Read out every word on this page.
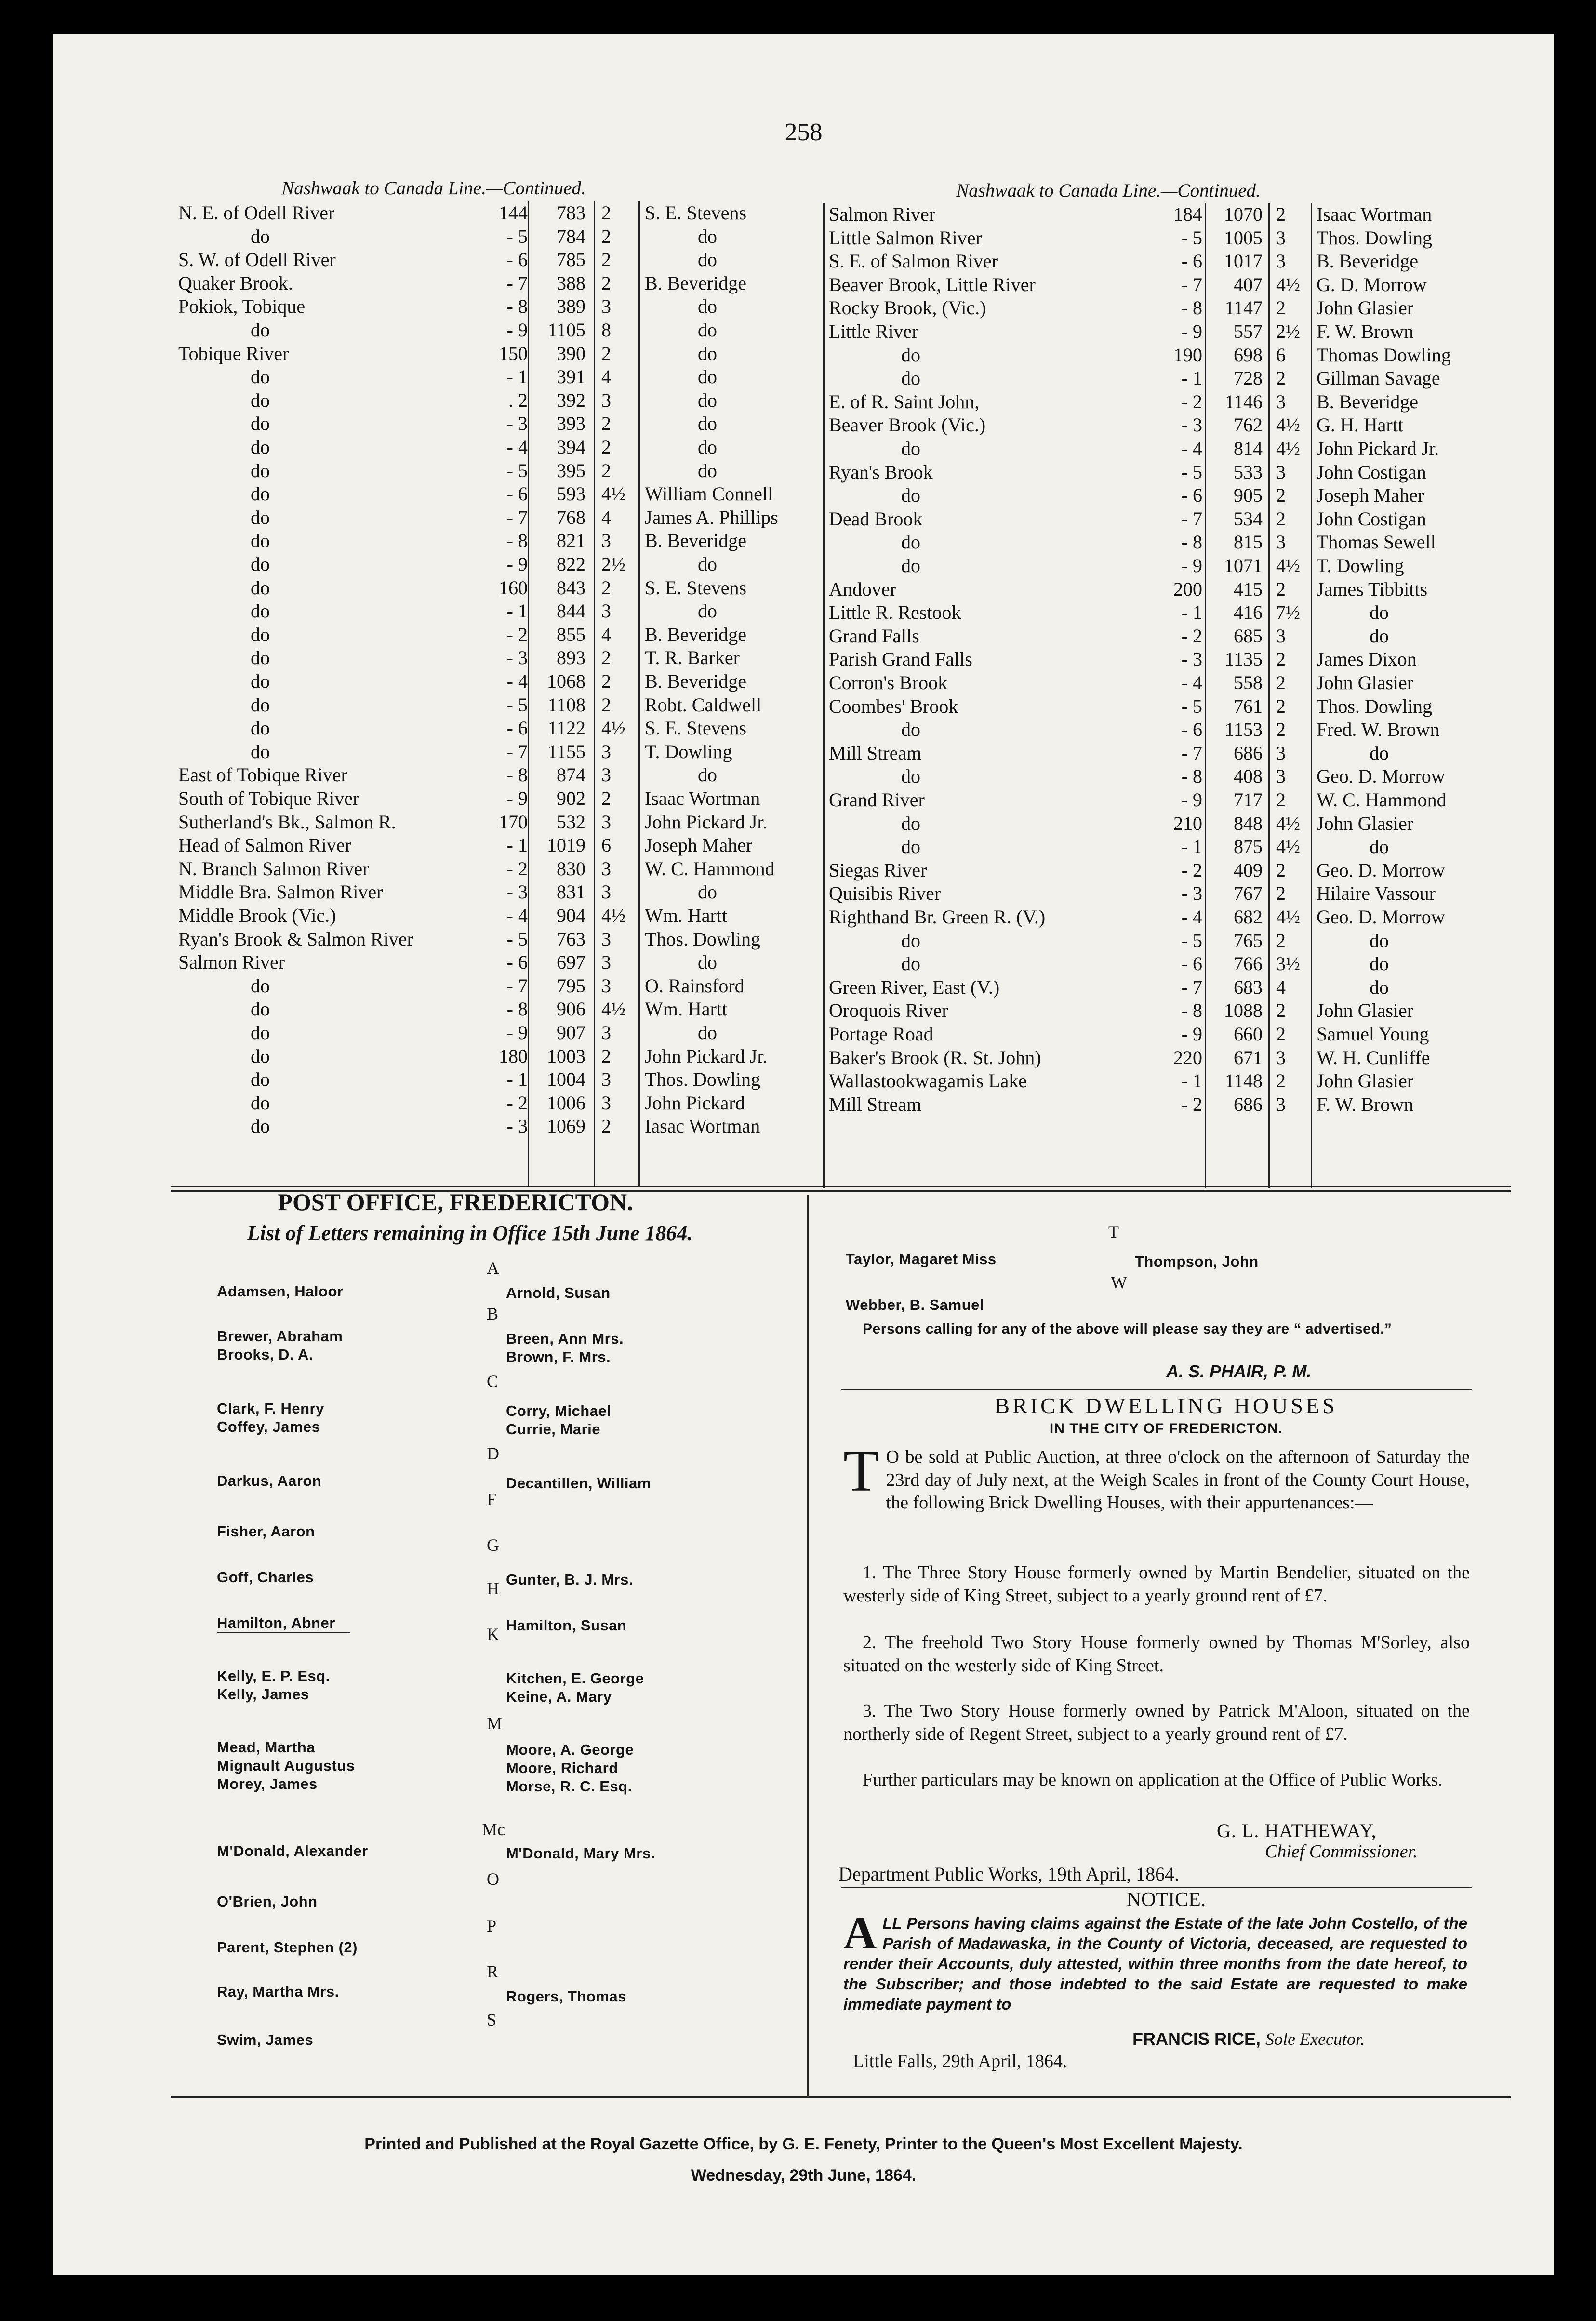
258
Nashwaak to Canada Line.—Continued.	Nashwaak to Canada Line.—Continued.
N. E. of Odell River	144	783 2	S. E. Stevens
do	- 5	784 2	do
S. W. of Odell River	- 6	785 2	do
Quaker Brook.	- 7	388 2	B. Beveridge
Pokiok, Tobique	- 8	389 3	do
do	- 9	1105 8	do
Tobique River	150	390 2	do
do	- 1	391 4	do
do	. 2	392 3	do
do	- 3	393 2	do
do	- 4	394 2	do
do	- 5	395 2	do
do	- 6	593 4½ William Connell
do	- 7	768 4	James A. Phillips
do	- 8	821 3	B. Beveridge
do	- 9	822 2½	do
do	160	843 2	S. E. Stevens
do	- 1	844 3	do
do	- 2	855 4	B. Beveridge
do	- 3	893 2	T. R. Barker
do	- 4	1068 2	B. Beveridge
do	- 5	1108 2	Robt. Caldwell
do	- 6	1122 4½ S. E. Stevens
do	- 7	1155 3	T. Dowling
East of Tobique River	- 8	874 3	do
South of Tobique River	- 9	902 2	Isaac Wortman
Sutherland's Bk., Salmon R.	170	532 3	John Pickard Jr.
Head of Salmon River	- 1	1019 6	Joseph Maher
N. Branch Salmon River	- 2	830 3	W. C. Hammond
Middle Bra. Salmon River	- 3	831 3	do
Middle Brook (Vic.)	- 4	904 4½ Wm. Hartt
Ryan's Brook & Salmon River	- 5	763 3	Thos. Dowling
Salmon River	- 6	697 3	do
do	- 7	795 3	O. Rainsford
do	- 8	906 4½ Wm. Hartt
do	- 9	907 3	do
do	180	1003 2	John Pickard Jr.
do	- 1	1004 3	Thos. Dowling
do	- 2	1006 3	John Pickard
do	- 3	1069 2	Iasac Wortman
Salmon River	184	1070 2	Isaac Wortman
Little Salmon River	- 5	1005 3	Thos. Dowling
S. E. of Salmon River	- 6	1017 3	B. Beveridge
Beaver Brook, Little River	- 7	407 4½ G. D. Morrow
Rocky Brook, (Vic.)	- 8	1147 2	John Glasier
Little River	- 9	557 2½ F. W. Brown
do	190	698 6	Thomas Dowling
do	- 1	728 2	Gillman Savage
E. of R. Saint John,	- 2	1146 3	B. Beveridge
Beaver Brook (Vic.)	- 3	762 4½ G. H. Hartt
do	- 4	814 4½ John Pickard Jr.
Ryan's Brook	- 5	533 3	John Costigan
do	- 6	905 2	Joseph Maher
Dead Brook	- 7	534 2	John Costigan
do	- 8	815 3	Thomas Sewell
do	- 9	1071 4½ T. Dowling
Andover	200	415 2	James Tibbitts
Little R. Restook	- 1	416 7½	do
Grand Falls	- 2	685 3	do
Parish Grand Falls	- 3	1135 2	James Dixon
Corron's Brook	- 4	558 2	John Glasier
Coombes' Brook	- 5	761 2	Thos. Dowling
do	- 6	1153 2	Fred. W. Brown
Mill Stream	- 7	686 3	do
do	- 8	408 3	Geo. D. Morrow
Grand River	- 9	717 2	W. C. Hammond
do	210	848 4½ John Glasier
do	- 1	875 4½	do
Siegas River	- 2	409 2	Geo. D. Morrow
Quisibis River	- 3	767 2	Hilaire Vassour
Righthand Br. Green R. (V.)	- 4	682 4½ Geo. D. Morrow
do	- 5	765 2	do
do	- 6	766 3½	do
Green River, East (V.)	- 7	683 4	do
Oroquois River	- 8	1088 2	John Glasier
Portage Road	- 9	660 2	Samuel Young
Baker's Brook (R. St. John)	220	671 3	W. H. Cunliffe
Wallastookwagamis Lake	- 1	1148 2	John Glasier
Mill Stream	- 2	686 3	F. W. Brown
POST OFFICE, FREDERICTON.
List of Letters remaining in Office 15th June 1864.
A
B
C
D
F
G
H
K
M
Mc
O
P
R
S
Adamsen, Haloor
Brewer, Abraham
Brooks, D. A.
Clark, F. Henry
Coffey, James
Darkus, Aaron
Fisher, Aaron
Goff, Charles
Hamilton, Abner
Kelly, E. P. Esq.
Kelly, James
Mead, Martha
Mignault Augustus
Morey, James
M'Donald, Alexander
O'Brien, John
Parent, Stephen (2)
Ray, Martha Mrs.
Swim, James
Arnold, Susan
Breen, Ann Mrs.
Brown, F. Mrs.
Corry, Michael
Currie, Marie
Decantillen, William
Gunter, B. J. Mrs.
Hamilton, Susan
Kitchen, E. George
Keine, A. Mary
Moore, A. George
Moore, Richard
Morse, R. C. Esq.
M'Donald, Mary Mrs.
Rogers, Thomas
T
W
Taylor, Magaret Miss	Thompson, John
Webber, B. Samuel
Persons calling for any of the above will please say they are “ advertised.”
A. S. PHAIR, P. M.
BRICK DWELLING HOUSES
IN THE CITY OF FREDERICTON.
T O be sold at Public Auction, at three o'clock on the afternoon of Saturday the 23rd day of July next, at the Weigh Scales in front of the County Court House, the following Brick Dwelling Houses, with their appurtenances:—
1. The Three Story House formerly owned by Martin Bendelier, situated on the westerly side of King Street, subject to a yearly ground rent of £7.
2. The freehold Two Story House formerly owned by Thomas M'Sorley, also situated on the westerly side of King Street.
3. The Two Story House formerly owned by Patrick M'Aloon, situated on the northerly side of Regent Street, subject to a yearly ground rent of £7.
Further particulars may be known on application at the Office of Public Works.
G. L. HATHEWAY,
Chief Commissioner.
Department Public Works, 19th April, 1864.
NOTICE.
ALL Persons having claims against the Estate of the late John Costello, of the Parish of Madawaska, in the County of Victoria, deceased, are requested to render their Accounts, duly attested, within three months from the date hereof, to the Subscriber; and those indebted to the said Estate are requested to make immediate payment to
FRANCIS RICE, Sole Executor.
Little Falls, 29th April, 1864.
Printed and Published at the Royal Gazette Office, by G. E. Fenety, Printer to the Queen's Most Excellent Majesty.
Wednesday, 29th June, 1864.
